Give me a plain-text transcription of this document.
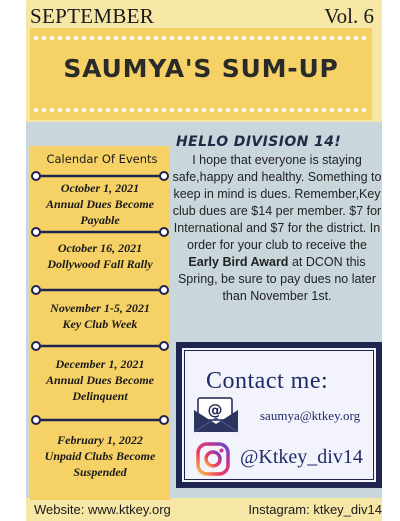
SEPTEMBER	Vol. 6
SAUMYA'S SUM-UP
Calendar Of Events
October 1, 2021
Annual Dues Become Payable
October 16, 2021
Dollywood Fall Rally
November 1-5, 2021
Key Club Week
December 1, 2021
Annual Dues Become Delinquent
February 1, 2022
Unpaid Clubs Become Suspended
HELLO DIVISION 14!
I hope that everyone is staying safe,happy and healthy. Something to keep in mind is dues. Remember,Key club dues are $14 per member. $7 for International and $7 for the district. In order for your club to receive the Early Bird Award at DCON this Spring, be sure to pay dues no later than November 1st.
Contact me:
@	saumya@ktkey.org
@Ktkey_div14
Website: www.ktkey.org	Instagram: ktkey_div14
